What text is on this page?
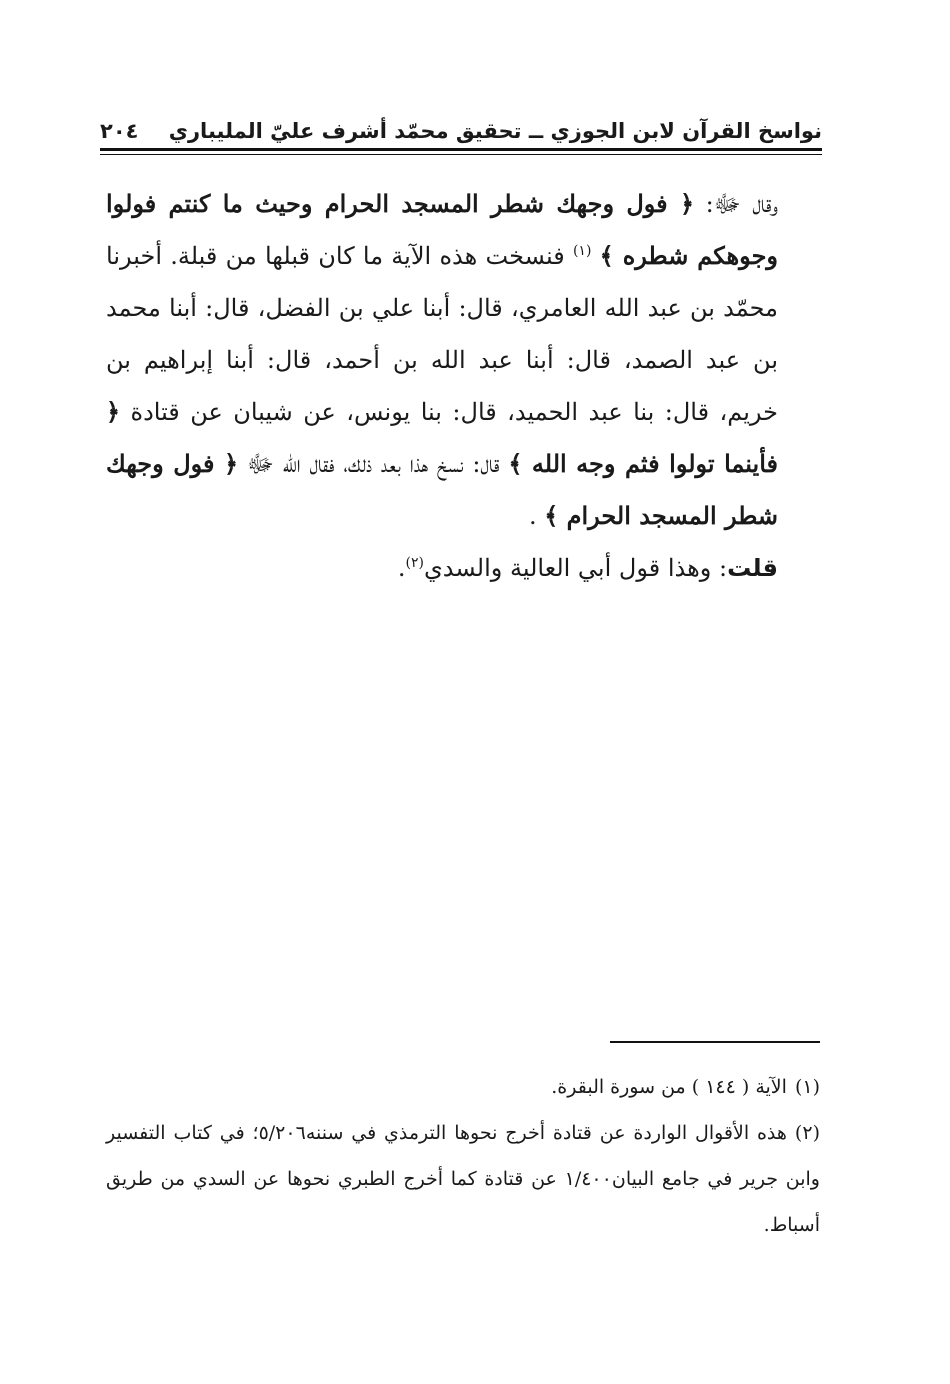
نواسخ القرآن لابن الجوزي ــ تحقيق محمّد أشرف عليّ المليباري
٢٠٤

وقال ﷻ: ﴿ فول وجهك شطر المسجد الحرام وحيث ما كنتم فولوا وجوهكم شطره ﴾ $^{(١)}$ فنسخت هذه الآية ما كان قبلها من قبلة. أخبرنا محمّد بن عبد الله العامري، قال: أبنا علي بن الفضل، قال: أبنا محمد بن عبد الصمد، قال: أبنا عبد الله بن أحمد، قال: أبنا إبراهيم بن خريم، قال: بنا عبد الحميد، قال: بنا يونس، عن شيبان عن قتادة ﴿ فأينما تولوا فثم وجه الله ﴾ قال: نسخ هذا بعد ذلك، فقال الله ﷻ ﴿ فول وجهك شطر المسجد الحرام ﴾ .

قلت: وهذا قول أبي العالية والسدي$^{(٢)}$.

(١)الآية ( ١٤٤ ) من سورة البقرة.

(٢)هذه الأقوال الواردة عن قتادة أخرج نحوها الترمذي في سننه٥/٢٠٦؛ في كتاب التفسير وابن جرير في جامع البيان١/٤٠٠ عن قتادة كما أخرج الطبري نحوها عن السدي من طريق أسباط.
